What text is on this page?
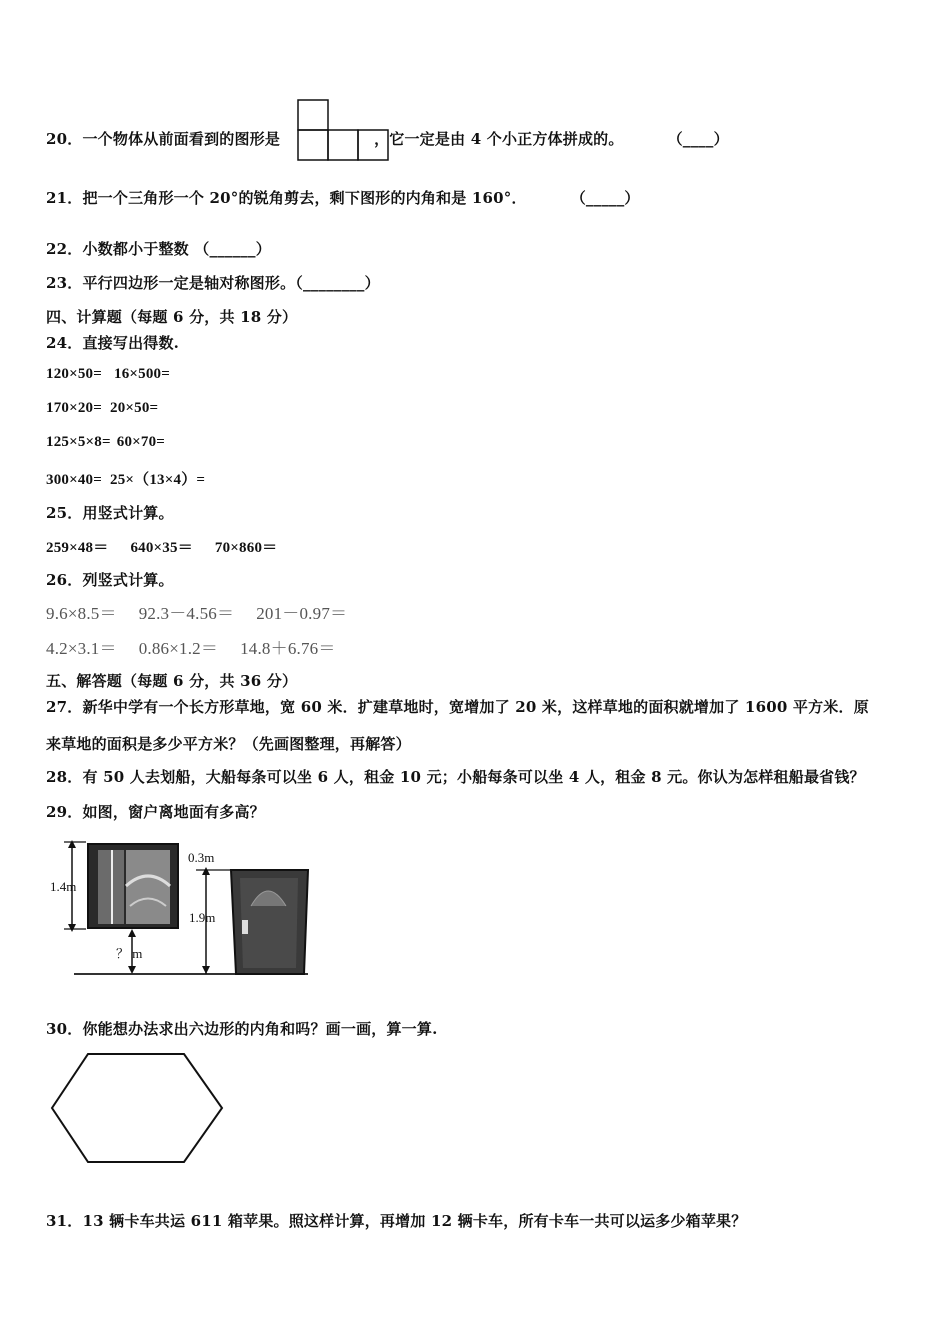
20．一个物体从前面看到的图形是	，它一定是由 4 个小正方体拼成的。	（____）
21．把一个三角形一个 20°的锐角剪去，剩下图形的内角和是 160°．	（_____）
22．小数都小于整数 （______）
23．平行四边形一定是轴对称图形。（________）
四、计算题（每题 6 分，共 18 分）
24．直接写出得数.
120×50= 16×500=
170×20= 20×50=
125×5×8= 60×70=
300×40= 25×（13×4）=
25．用竖式计算。
259×48＝ 640×35＝ 70×860＝
26．列竖式计算。
9.6×8.5＝ 92.3－4.56＝ 201－0.97＝
4.2×3.1＝ 0.86×1.2＝ 14.8＋6.76＝
五、解答题（每题 6 分，共 36 分）
27．新华中学有一个长方形草地，宽 60 米．扩建草地时，宽增加了 20 米，这样草地的面积就增加了 1600 平方米．原
来草地的面积是多少平方米？（先画图整理，再解答）
28．有 50 人去划船，大船每条可以坐 6 人，租金 10 元；小船每条可以坐 4 人，租金 8 元。你认为怎样租船最省钱？
29．如图，窗户离地面有多高？
1.4m
？ m
0.3m
1.9m
30．你能想办法求出六边形的内角和吗？画一画，算一算.
31．13 辆卡车共运 611 箱苹果。照这样计算，再增加 12 辆卡车，所有卡车一共可以运多少箱苹果？
